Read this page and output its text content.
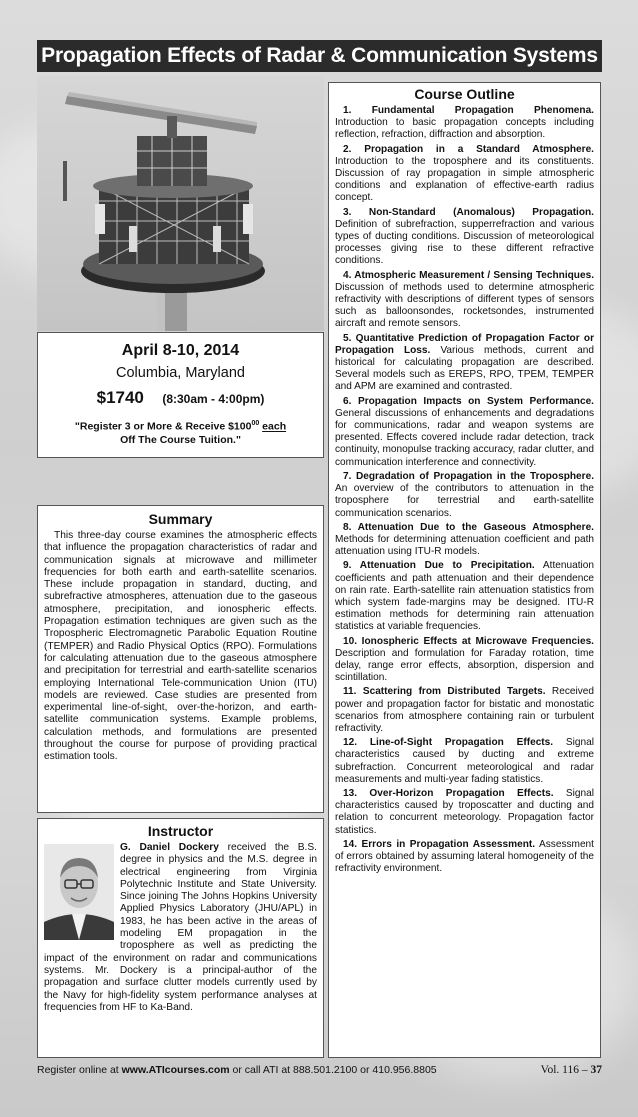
Propagation Effects of Radar & Communication Systems
April 8-10, 2014
Columbia, Maryland
$1740 (8:30am - 4:00pm)
"Register 3 or More & Receive $\$100^{00}$ each
Off The Course Tuition."
Summary
This three-day course examines the atmospheric effects that influence the propagation characteristics of radar and communication signals at microwave and millimeter frequencies for both earth and earth-satellite scenarios. These include propagation in standard, ducting, and subrefractive atmospheres, attenuation due to the gaseous atmosphere, precipitation, and ionospheric effects. Propagation estimation techniques are given such as the Tropospheric Electromagnetic Parabolic Equation Routine (TEMPER) and Radio Physical Optics (RPO). Formulations for calculating attenuation due to the gaseous atmosphere and precipitation for terrestrial and earth-satellite scenarios employing International Tele-communication Union (ITU) models are reviewed. Case studies are presented from experimental line-of-sight, over-the-horizon, and earth-satellite communication systems. Example problems, calculation methods, and formulations are presented throughout the course for purpose of providing practical estimation tools.
Instructor
G. Daniel Dockery
received the B.S. degree in physics and the M.S. degree in electrical engineering from Virginia Polytechnic Institute and State University. Since joining The Johns Hopkins University Applied Physics Laboratory (JHU/APL) in 1983, he has been active in the areas of modeling EM propagation in the troposphere as well as predicting the impact of the environment on radar and communications systems. Mr. Dockery is a principal-author of the propagation and surface clutter models currently used by the Navy for high-fidelity system performance analyses at frequencies from HF to Ka-Band.
Course Outline
1. Fundamental Propagation Phenomena. Introduction to basic propagation concepts including reflection, refraction, diffraction and absorption.
2. Propagation in a Standard Atmosphere. Introduction to the troposphere and its constituents. Discussion of ray propagation in simple atmospheric conditions and explanation of effective-earth radius concept.
3. Non-Standard (Anomalous) Propagation. Definition of subrefraction, supperrefraction and various types of ducting conditions. Discussion of meteorological processes giving rise to these different refractive conditions.
4. Atmospheric Measurement / Sensing Techniques. Discussion of methods used to determine atmospheric refractivity with descriptions of different types of sensors such as balloonsondes, rocketsondes, instrumented aircraft and remote sensors.
5. Quantitative Prediction of Propagation Factor or Propagation Loss. Various methods, current and historical for calculating propagation are described. Several models such as EREPS, RPO, TPEM, TEMPER and APM are examined and contrasted.
6. Propagation Impacts on System Performance. General discussions of enhancements and degradations for communications, radar and weapon systems are presented. Effects covered include radar detection, track continuity, monopulse tracking accuracy, radar clutter, and communication interference and connectivity.
7. Degradation of Propagation in the Troposphere. An overview of the contributors to attenuation in the troposphere for terrestrial and earth-satellite communication scenarios.
8. Attenuation Due to the Gaseous Atmosphere. Methods for determining attenuation coefficient and path attenuation using ITU-R models.
9. Attenuation Due to Precipitation. Attenuation coefficients and path attenuation and their dependence on rain rate. Earth-satellite rain attenuation statistics from which system fade-margins may be designed. ITU-R estimation methods for determining rain attenuation statistics at variable frequencies.
10. Ionospheric Effects at Microwave Frequencies. Description and formulation for Faraday rotation, time delay, range error effects, absorption, dispersion and scintillation.
11. Scattering from Distributed Targets. Received power and propagation factor for bistatic and monostatic scenarios from atmosphere containing rain or turbulent refractivity.
12. Line-of-Sight Propagation Effects. Signal characteristics caused by ducting and extreme subrefraction. Concurrent meteorological and radar measurements and multi-year fading statistics.
13. Over-Horizon Propagation Effects. Signal characteristics caused by troposcatter and ducting and relation to concurrent meteorology. Propagation factor statistics.
14. Errors in Propagation Assessment. Assessment of errors obtained by assuming lateral homogeneity of the refractivity environment.
Register online at www.ATIcourses.com or call ATI at 888.501.2100 or 410.956.8805	Vol. 116 – 37
